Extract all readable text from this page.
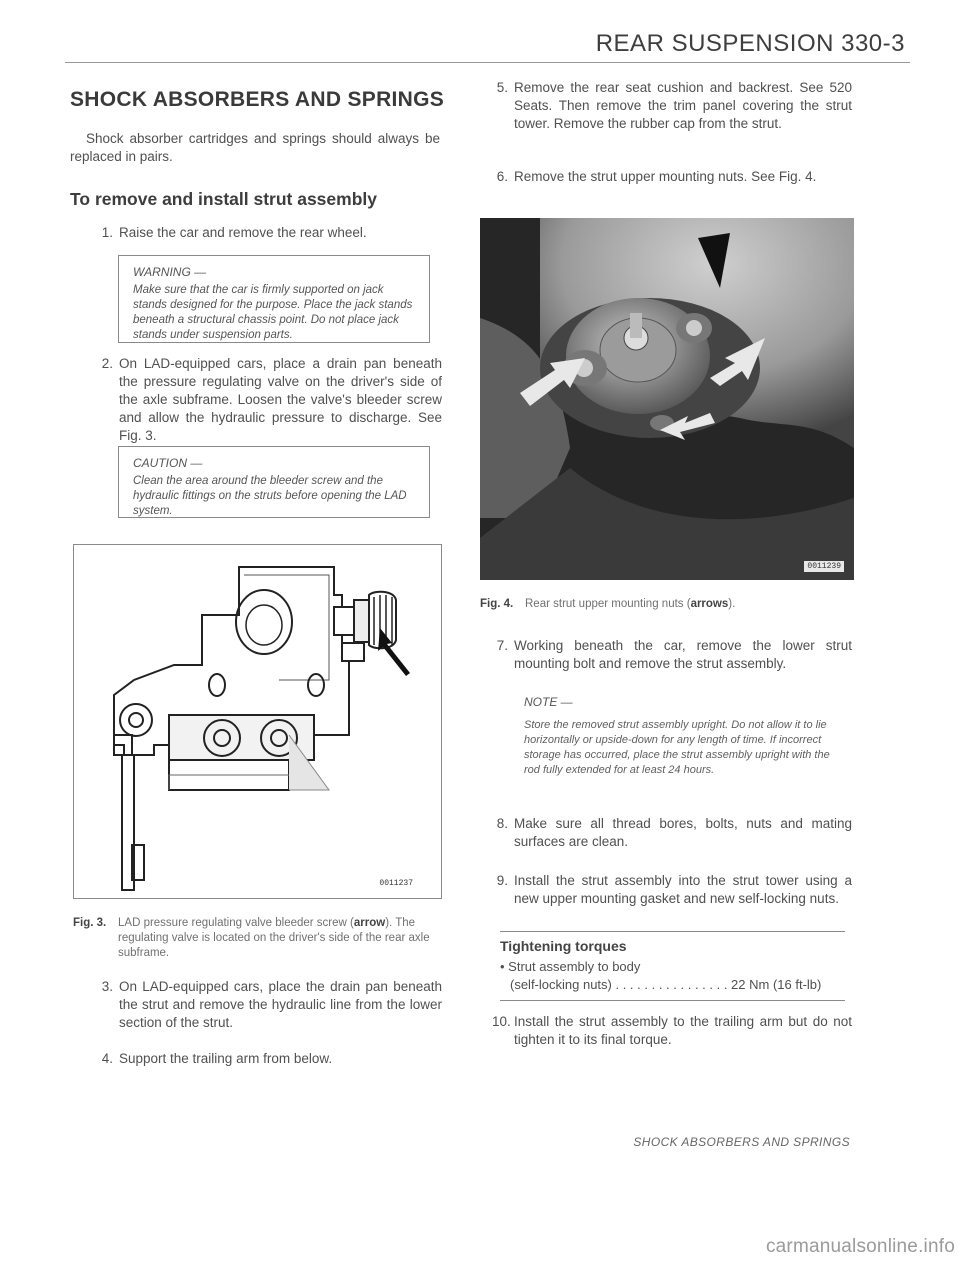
REAR SUSPENSION 330-3
SHOCK ABSORBERS AND SPRINGS
Shock absorber cartridges and springs should always be replaced in pairs.
To remove and install strut assembly
1. Raise the car and remove the rear wheel.
WARNING —
Make sure that the car is firmly supported on jack stands designed for the purpose. Place the jack stands beneath a structural chassis point. Do not place jack stands under suspension parts.
2. On LAD-equipped cars, place a drain pan beneath the pressure regulating valve on the driver's side of the axle subframe. Loosen the valve's bleeder screw and allow the hydraulic pressure to discharge. See Fig. 3.
CAUTION —
Clean the area around the bleeder screw and the hydraulic fittings on the struts before opening the LAD system.
0011237
Fig. 3.	LAD pressure regulating valve bleeder screw (arrow). The regulating valve is located on the driver's side of the rear axle subframe.
3. On LAD-equipped cars, place the drain pan beneath the strut and remove the hydraulic line from the lower section of the strut.
4. Support the trailing arm from below.
5. Remove the rear seat cushion and backrest. See 520 Seats. Then remove the trim panel covering the strut tower. Remove the rubber cap from the strut.
6. Remove the strut upper mounting nuts. See Fig. 4.
0011239
Fig. 4.	Rear strut upper mounting nuts (arrows).
7. Working beneath the car, remove the lower strut mounting bolt and remove the strut assembly.
NOTE —
Store the removed strut assembly upright. Do not allow it to lie horizontally or upside-down for any length of time. If incorrect storage has occurred, place the strut assembly upright with the rod fully extended for at least 24 hours.
8. Make sure all thread bores, bolts, nuts and mating surfaces are clean.
9. Install the strut assembly into the strut tower using a new upper mounting gasket and new self-locking nuts.
Tightening torques
• Strut assembly to body
(self-locking nuts) . . . . . . . . . . . . . . . . 22 Nm (16 ft-lb)
10. Install the strut assembly to the trailing arm but do not tighten it to its final torque.
SHOCK ABSORBERS AND SPRINGS
carmanualsonline.info
